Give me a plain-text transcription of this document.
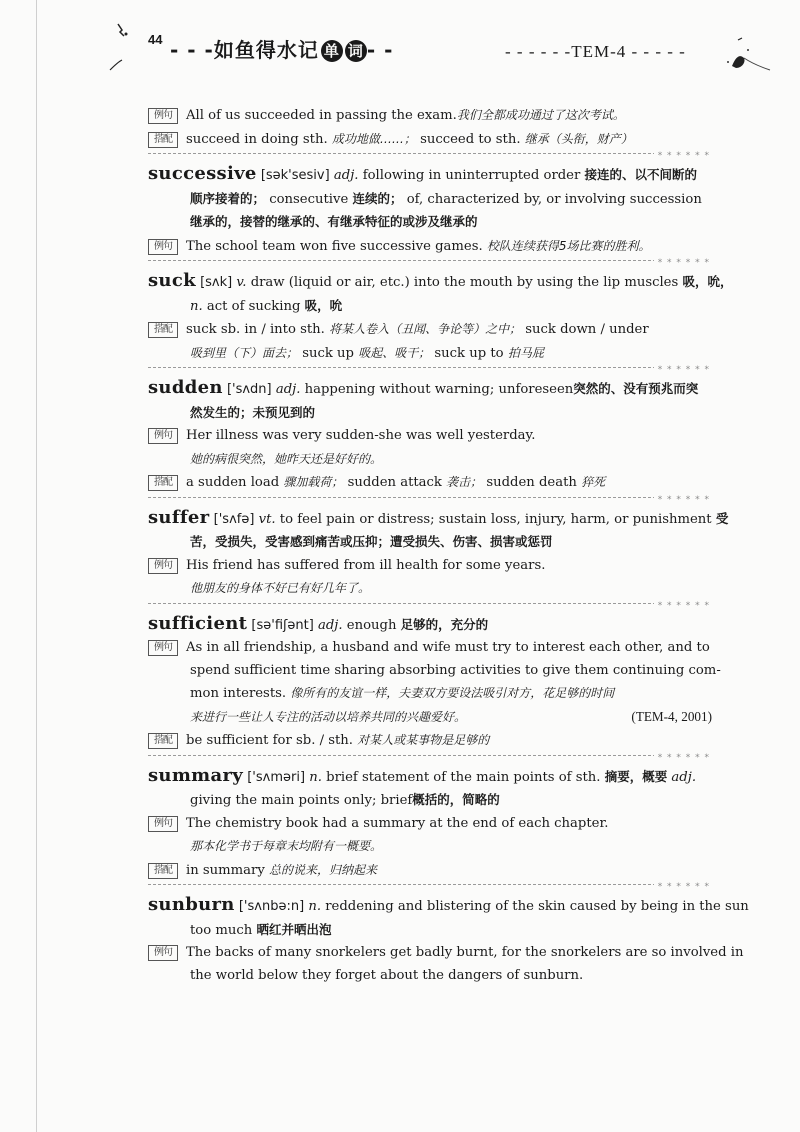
44 - - -如鱼得水记 单 词 - -	- - - - - -TEM-4 - - - - -
例句 All of us succeeded in passing the exam.我们全都成功通过了这次考试。
搭配 succeed in doing sth. 成功地做……； succeed to sth. 继承（头衔，财产）
* * *
successive [sək'sesiv] adj. following in uninterrupted order 接连的、以不间断的
顺序接着的； consecutive 连续的； of, characterized by, or involving succession
继承的，接替的继承的、有继承特征的或涉及继承的
例句 The school team won five successive games. 校队连续获得5场比赛的胜利。
* * *
suck [sʌk] v. draw (liquid or air, etc.) into the mouth by using the lip muscles 吸，吮，
n. act of sucking 吸，吮
搭配 suck sb. in / into sth. 将某人卷入（丑闻、争论等）之中； suck down / under
吸到里（下）面去； suck up 吸起、吸干； suck up to 拍马屁
* * *
sudden ['sʌdn] adj. happening without warning; unforeseen突然的、没有预兆而突
然发生的；未预见到的
例句 Her illness was very sudden-she was well yesterday.
她的病很突然，她昨天还是好好的。
搭配 a sudden load 骤加载荷； sudden attack 袭击； sudden death 猝死
* * *
suffer ['sʌfə] vt. to feel pain or distress; sustain loss, injury, harm, or punishment 受
苦，受损失，受害感到痛苦或压抑；遭受损失、伤害、损害或惩罚
例句 His friend has suffered from ill health for some years.
他朋友的身体不好已有好几年了。
* * *
sufficient [sə'fiʃənt] adj. enough 足够的，充分的
例句 As in all friendship, a husband and wife must try to interest each other, and to
spend sufficient time sharing absorbing activities to give them continuing com-
mon interests. 像所有的友谊一样，夫妻双方要设法吸引对方，花足够的时间
来进行一些让人专注的活动以培养共同的兴趣爱好。	(TEM-4, 2001)
搭配 be sufficient for sb. / sth. 对某人或某事物是足够的
* * *
summary ['sʌməri] n. brief statement of the main points of sth. 摘要，概要 adj.
giving the main points only; brief概括的，简略的
例句 The chemistry book had a summary at the end of each chapter.
那本化学书于每章末均附有一概要。
搭配 in summary 总的说来，归纳起来
* * *
sunburn ['sʌnbə:n] n. reddening and blistering of the skin caused by being in the sun
too much 晒红并晒出泡
例句 The backs of many snorkelers get badly burnt, for the snorkelers are so involved in
the world below they forget about the dangers of sunburn.
